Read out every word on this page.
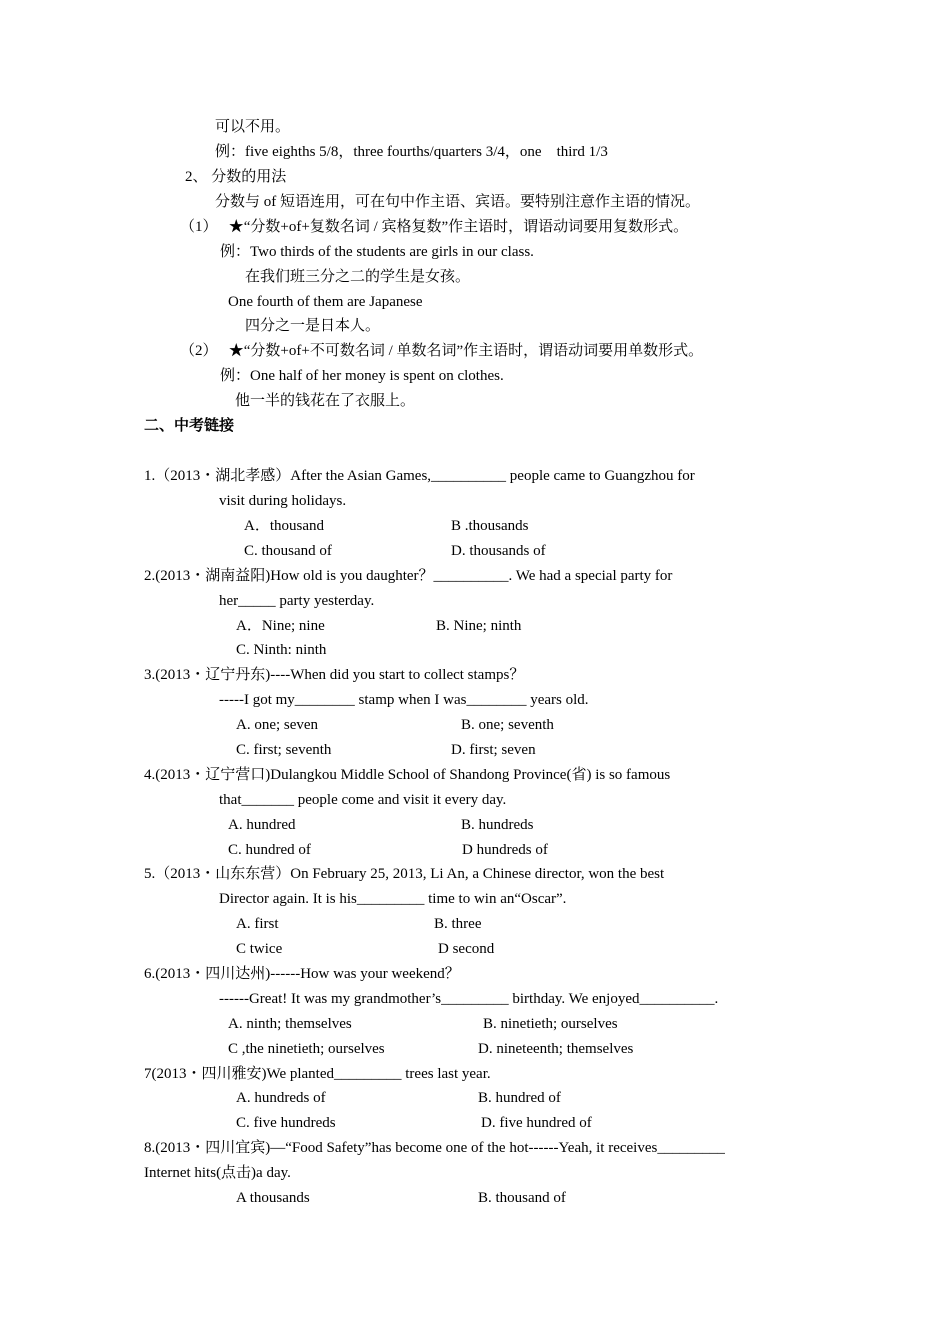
可以不用。
例：five eighths 5/8，three fourths/quarters 3/4，one    third 1/3
2、 分数的用法
分数与 of 短语连用，可在句中作主语、宾语。要特别注意作主语的情况。
（1）   ★“分数+of+复数名词 / 宾格复数”作主语时，谓语动词要用复数形式。
例：Two thirds of the students are girls in our class.
在我们班三分之二的学生是女孩。
One fourth of them are Japanese
四分之一是日本人。
（2）   ★“分数+of+不可数名词 / 单数名词”作主语时，谓语动词要用单数形式。
例：One half of her money is spent on clothes.
他一半的钱花在了衣服上。
二、中考链接
1.（2013・湖北孝感）After the Asian Games,__________ people came to Guangzhou for
visit during holidays.
A．thousand	B .thousands
C. thousand of	D. thousands of
2.(2013・湖南益阳)How old is you daughter？__________. We had a special party for
her_____ party yesterday.
A．Nine; nine	B. Nine; ninth
C. Ninth: ninth
3.(2013・辽宁丹东)----When did you start to collect stamps？
-----I got my________ stamp when I was________ years old.
A. one; seven	B. one; seventh
C. first; seventh	D. first; seven
4.(2013・辽宁营口)Dulangkou Middle School of Shandong Province(省) is so famous
that_______ people come and visit it every day.
A. hundred	B. hundreds
C. hundred of	D hundreds of
5.（2013・山东东营）On February 25, 2013, Li An, a Chinese director, won the best
Director again. It is his_________ time to win an“Oscar”.
A. first	B. three
C twice	D second
6.(2013・四川达州)------How was your weekend？
------Great! It was my grandmother’s_________ birthday. We enjoyed__________.
A. ninth; themselves	B. ninetieth; ourselves
C ,the ninetieth; ourselves	D. nineteenth; themselves
7(2013・四川雅安)We planted_________ trees last year.
A. hundreds of	B. hundred of
C. five hundreds	D. five hundred of
8.(2013・四川宜宾)—“Food Safety”has become one of the hot------Yeah, it receives_________
Internet hits(点击)a day.
A thousands	B. thousand of
